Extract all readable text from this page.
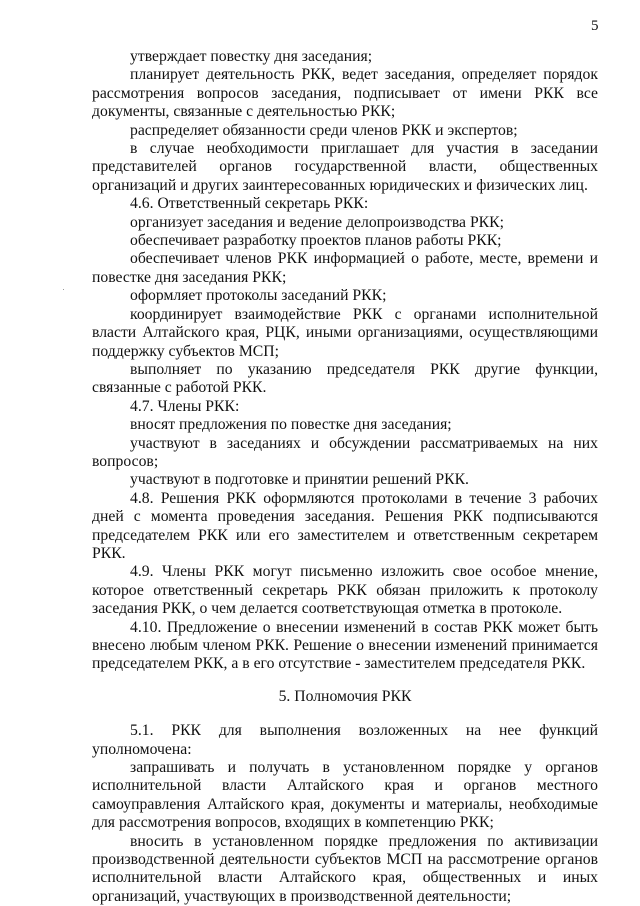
5

утверждает повестку дня заседания;

планирует деятельность РКК, ведет заседания, определяет порядок рассмотрения вопросов заседания, подписывает от имени РКК все документы, связанные с деятельностью РКК;

распределяет обязанности среди членов РКК и экспертов;

в случае необходимости приглашает для участия в заседании представителей органов государственной власти, общественных организаций и других заинтересованных юридических и физических лиц.

4.6. Ответственный секретарь РКК:

организует заседания и ведение делопроизводства РКК;

обеспечивает разработку проектов планов работы РКК;

обеспечивает членов РКК информацией о работе, месте, времени и повестке дня заседания РКК;

оформляет протоколы заседаний РКК;

координирует взаимодействие РКК с органами исполнительной власти Алтайского края, РЦК, иными организациями, осуществляющими поддержку субъектов МСП;

выполняет по указанию председателя РКК другие функции, связанные с работой РКК.

4.7. Члены РКК:

вносят предложения по повестке дня заседания;

участвуют в заседаниях и обсуждении рассматриваемых на них вопросов;

участвуют в подготовке и принятии решений РКК.

4.8. Решения РКК оформляются протоколами в течение 3 рабочих дней с момента проведения заседания. Решения РКК подписываются председателем РКК или его заместителем и ответственным секретарем РКК.

4.9. Члены РКК могут письменно изложить свое особое мнение, которое ответственный секретарь РКК обязан приложить к протоколу заседания РКК, о чем делается соответствующая отметка в протоколе.

4.10. Предложение о внесении изменений в состав РКК может быть внесено любым членом РКК. Решение о внесении изменений принимается председателем РКК, а в его отсутствие - заместителем председателя РКК.

5. Полномочия РКК

5.1. РКК для выполнения возложенных на нее функций уполномочена:

запрашивать и получать в установленном порядке у органов исполнительной власти Алтайского края и органов местного самоуправления Алтайского края, документы и материалы, необходимые для рассмотрения вопросов, входящих в компетенцию РКК;

вносить в установленном порядке предложения по активизации производственной деятельности субъектов МСП на рассмотрение органов исполнительной власти Алтайского края, общественных и иных организаций, участвующих в производственной деятельности;
